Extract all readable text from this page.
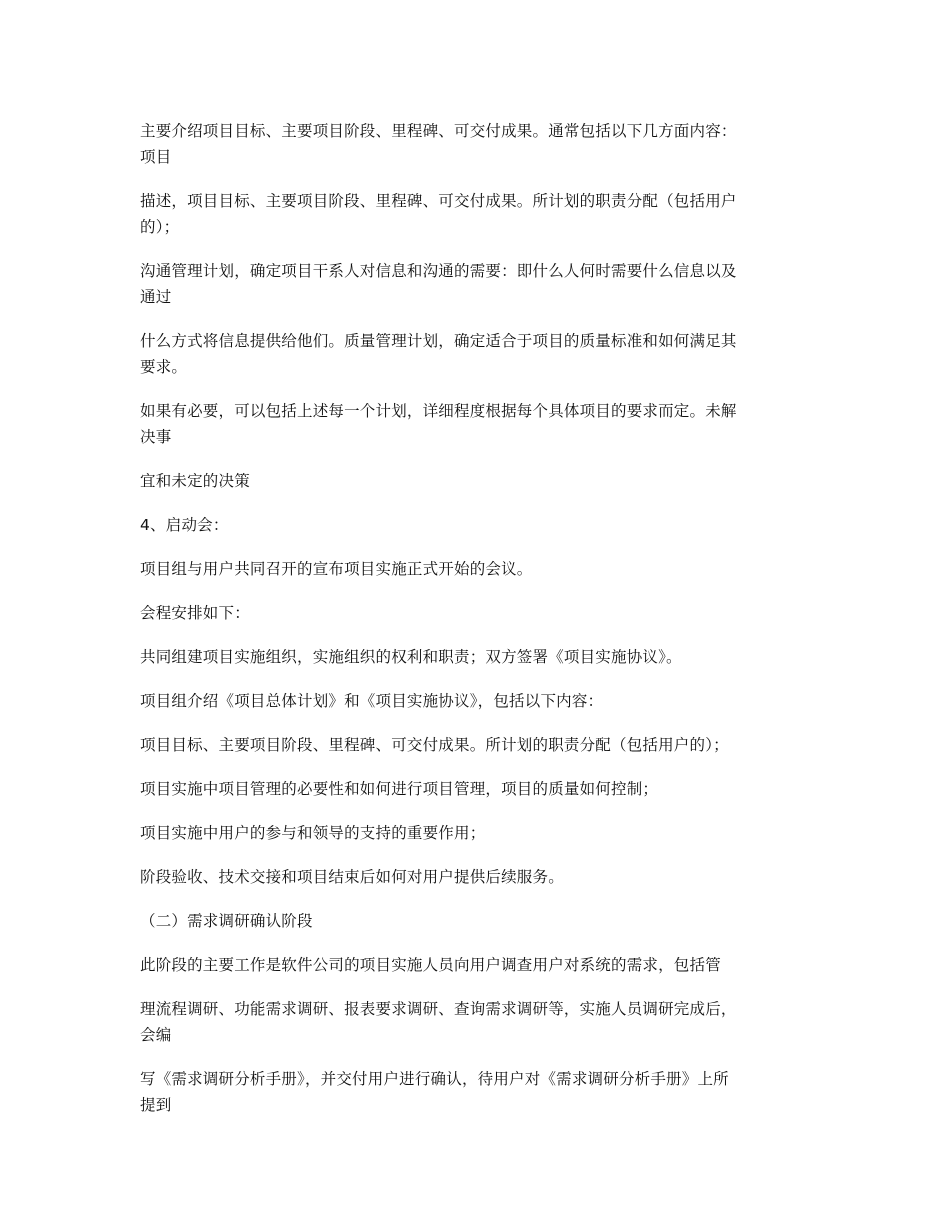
主要介绍项目目标、主要项目阶段、里程碑、可交付成果。通常包括以下几方面内容：
项目

描述，项目目标、主要项目阶段、里程碑、可交付成果。所计划的职责分配（包括用户
的）；

沟通管理计划，确定项目干系人对信息和沟通的需要：即什么人何时需要什么信息以及
通过

什么方式将信息提供给他们。质量管理计划，确定适合于项目的质量标准和如何满足其
要求。

如果有必要，可以包括上述每一个计划，详细程度根据每个具体项目的要求而定。未解
决事

宜和未定的决策

4、启动会：

项目组与用户共同召开的宣布项目实施正式开始的会议。

会程安排如下：

共同组建项目实施组织，实施组织的权利和职责；双方签署《项目实施协议》。

项目组介绍《项目总体计划》和《项目实施协议》，包括以下内容：

项目目标、主要项目阶段、里程碑、可交付成果。所计划的职责分配（包括用户的）；

项目实施中项目管理的必要性和如何进行项目管理，项目的质量如何控制；

项目实施中用户的参与和领导的支持的重要作用；

阶段验收、技术交接和项目结束后如何对用户提供后续服务。

（二）需求调研确认阶段

此阶段的主要工作是软件公司的项目实施人员向用户调查用户对系统的需求，包括管

理流程调研、功能需求调研、报表要求调研、查询需求调研等，实施人员调研完成后，
会编

写《需求调研分析手册》，并交付用户进行确认，待用户对《需求调研分析手册》上所
提到
